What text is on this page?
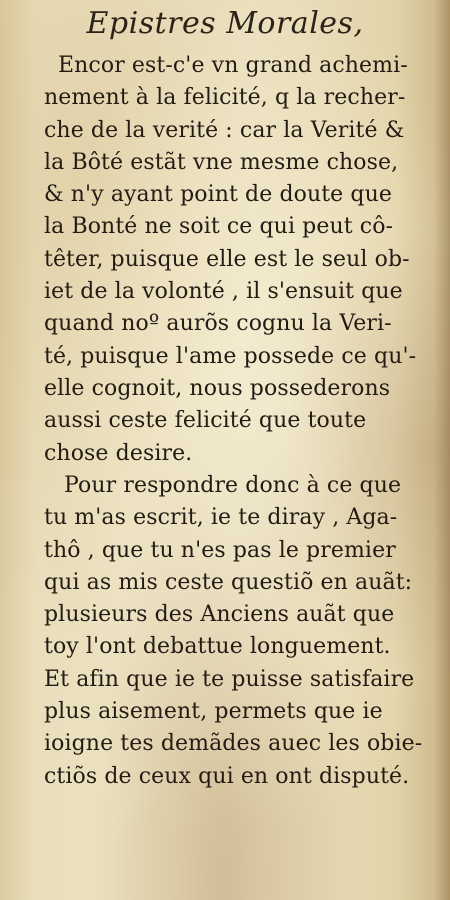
Epistres Morales,
Encor est-c'e vn grand achemi-
nement à la felicité, q la recher-
che de la verité : car la Verité &
la Bôté estãt vne mesme chose,
& n'y ayant point de doute que
la Bonté ne soit ce qui peut cô-
têter, puisque elle est le seul ob-
iet de la volonté , il s'ensuit que
quand noº aurõs cognu la Veri-
té, puisque l'ame possede ce qu'-
elle cognoit, nous possederons
aussi ceste felicité que toute
chose desire.
Pour respondre donc à ce que
tu m'as escrit, ie te diray , Aga-
thô , que tu n'es pas le premier
qui as mis ceste questiõ en auãt:
plusieurs des Anciens auãt que
toy l'ont debattue longuement.
Et afin que ie te puisse satisfaire
plus aisement, permets que ie
ioigne tes demãdes auec les obie-
ctiõs de ceux qui en ont disputé.
